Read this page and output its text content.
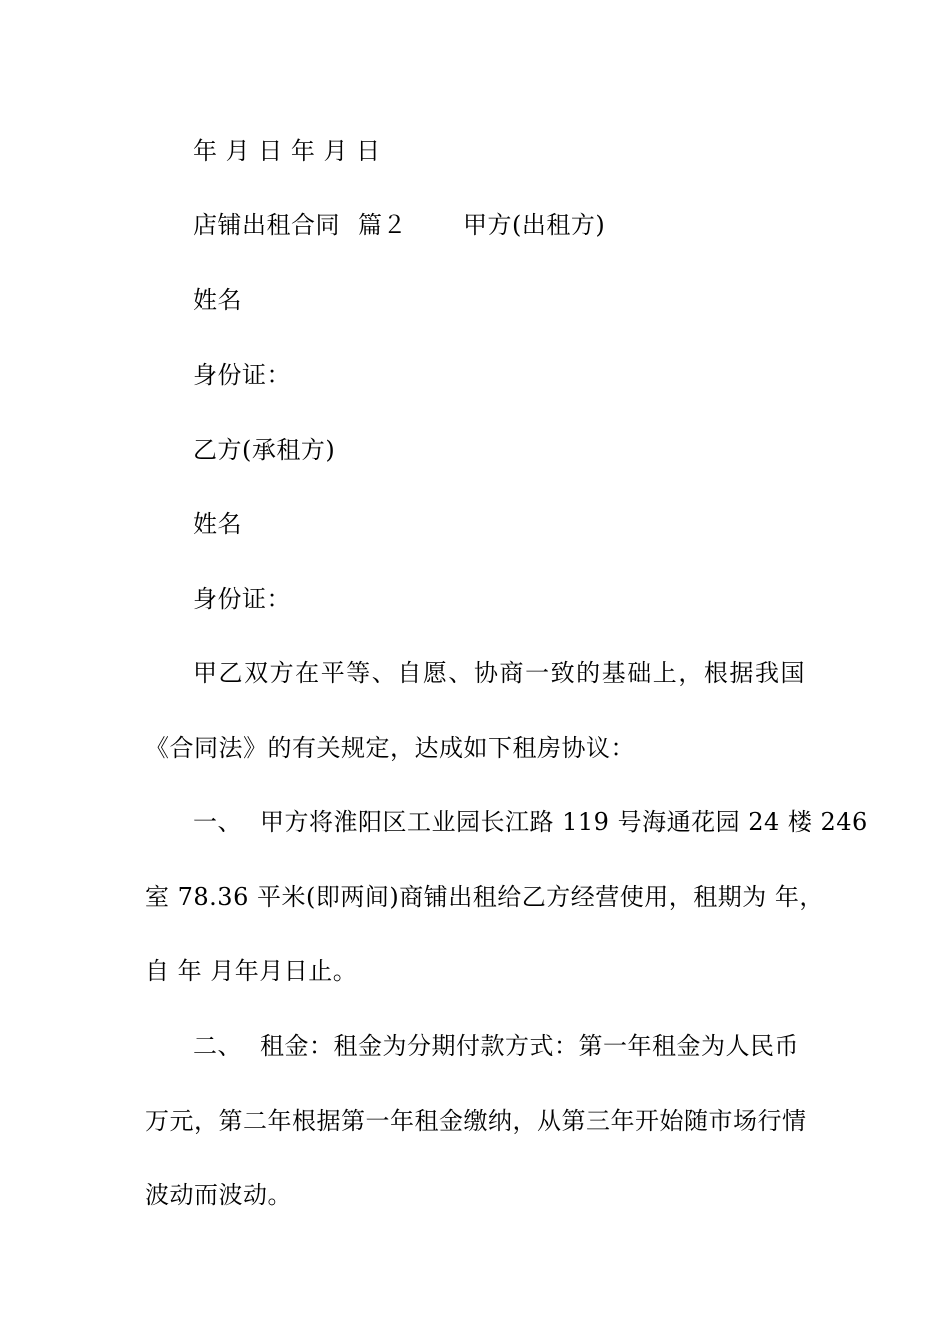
年 月 日 年 月 日
店铺出租合同 篇２ 甲方(出租方)
姓名
身份证：
乙方(承租方)
姓名
身份证：
甲乙双方在平等、自愿、协商一致的基础上，根据我国
《合同法》的有关规定，达成如下租房协议：
一、 甲方将淮阳区工业园长江路 119 号海通花园 24 楼 246
室 78.36 平米(即两间)商铺出租给乙方经营使用，租期为 年，
自 年 月年月日止。
二、 租金：租金为分期付款方式：第一年租金为人民币
万元，第二年根据第一年租金缴纳，从第三年开始随市场行情
波动而波动。
